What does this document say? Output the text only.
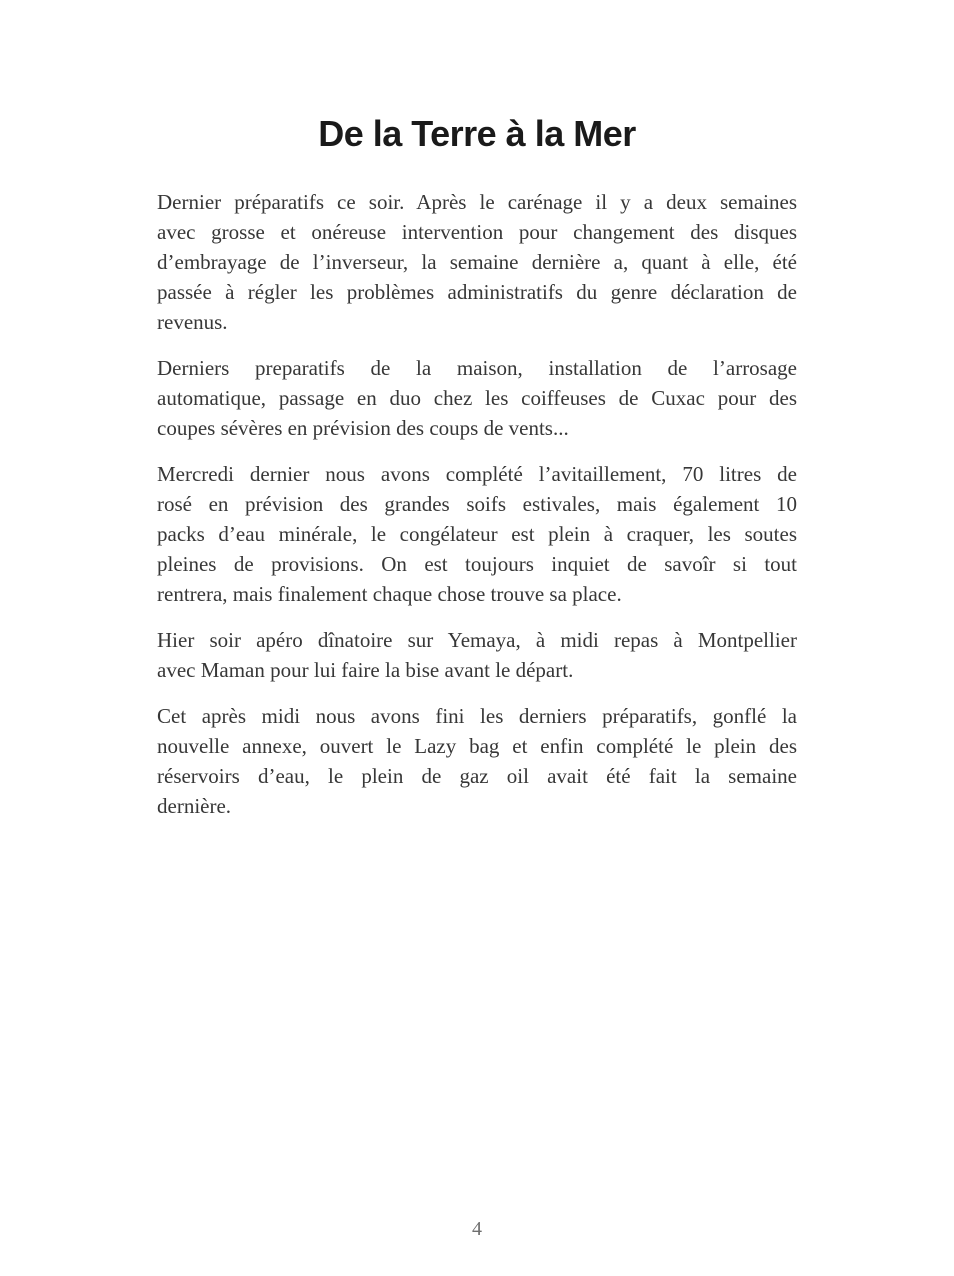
De la Terre à la Mer
Dernier préparatifs ce soir. Après le carénage il y a deux semaines
avec grosse et onéreuse intervention pour changement des disques
d’embrayage de l’inverseur, la semaine dernière a, quant à elle, été
passée à régler les problèmes administratifs du genre déclaration de
revenus.
Derniers preparatifs de la maison, installation de l’arrosage
automatique, passage en duo chez les coiffeuses de Cuxac pour des
coupes sévères en prévision des coups de vents...
Mercredi dernier nous avons complété l’avitaillement, 70 litres de
rosé en prévision des grandes soifs estivales, mais également 10
packs d’eau minérale, le congélateur est plein à craquer, les soutes
pleines de provisions. On est toujours inquiet de savoîr si tout
rentrera, mais finalement chaque chose trouve sa place.
Hier soir apéro dînatoire sur Yemaya, à midi repas à Montpellier
avec Maman pour lui faire la bise avant le départ.
Cet après midi nous avons fini les derniers préparatifs, gonflé la
nouvelle annexe, ouvert le Lazy bag et enfin complété le plein des
réservoirs d’eau, le plein de gaz oil avait été fait la semaine
dernière.
4
